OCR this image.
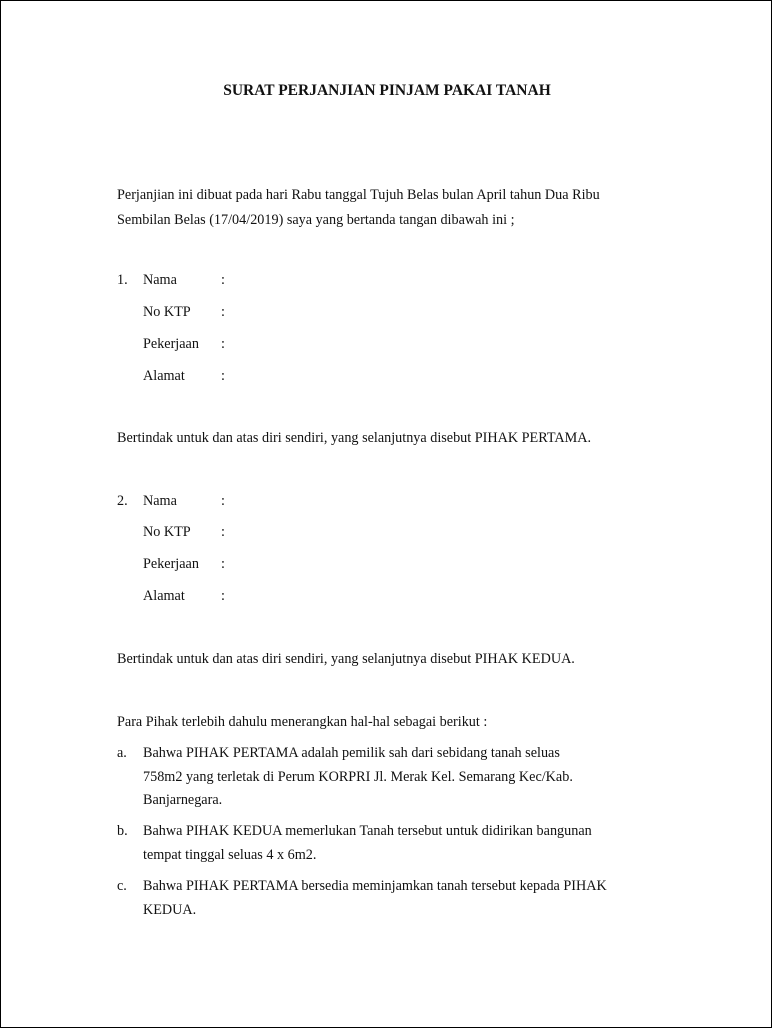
SURAT PERJANJIAN PINJAM PAKAI TANAH
Perjanjian ini dibuat pada hari Rabu tanggal Tujuh Belas bulan April tahun Dua Ribu
Sembilan Belas (17/04/2019) saya yang bertanda tangan dibawah ini ;
1. Nama	:
No KTP :
Pekerjaan :
Alamat	:
Bertindak untuk dan atas diri sendiri, yang selanjutnya disebut PIHAK PERTAMA.
2. Nama	:
No KTP :
Pekerjaan :
Alamat	:
Bertindak untuk dan atas diri sendiri, yang selanjutnya disebut PIHAK KEDUA.
Para Pihak terlebih dahulu menerangkan hal-hal sebagai berikut :
a. Bahwa PIHAK PERTAMA adalah pemilik sah dari sebidang tanah seluas
758m2 yang terletak di Perum KORPRI Jl. Merak Kel. Semarang Kec/Kab.
Banjarnegara.
b. Bahwa PIHAK KEDUA memerlukan Tanah tersebut untuk didirikan bangunan
tempat tinggal seluas 4 x 6m2.
c. Bahwa PIHAK PERTAMA bersedia meminjamkan tanah tersebut kepada PIHAK
KEDUA.
